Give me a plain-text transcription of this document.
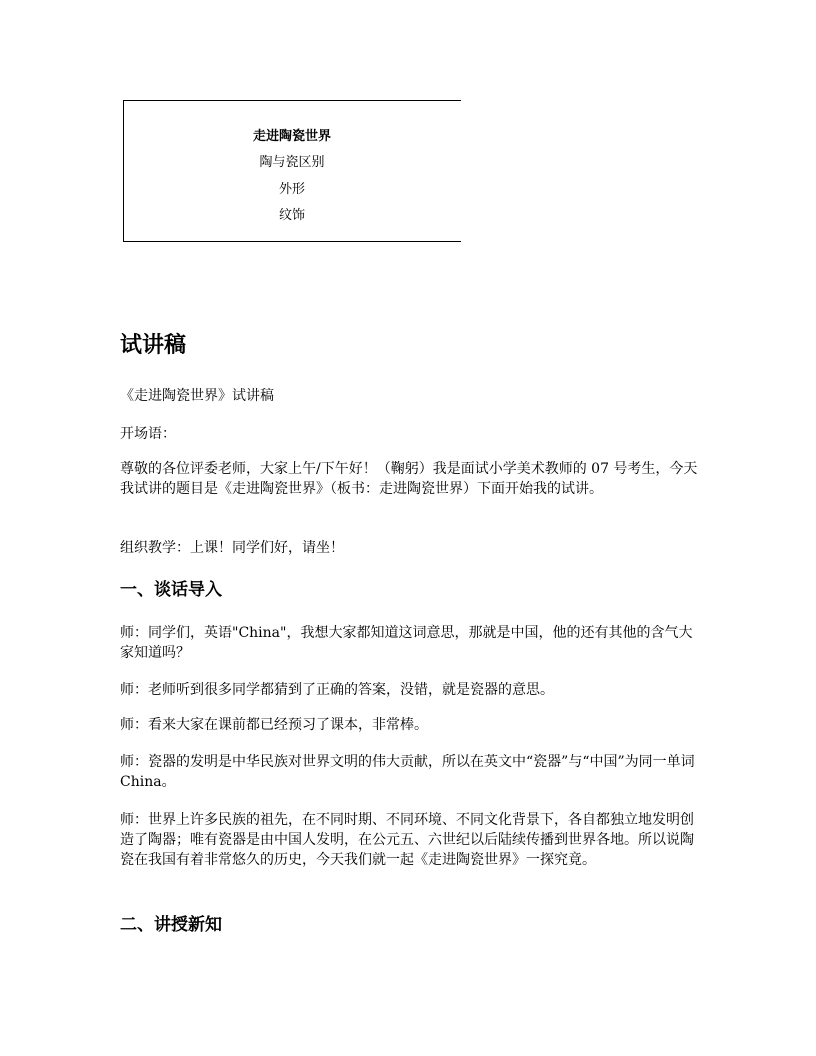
走进陶瓷世界
陶与瓷区别
外形
纹饰
试讲稿

《走进陶瓷世界》试讲稿

开场语：

尊敬的各位评委老师，大家上午/下午好！（鞠躬）我是面试小学美术教师的 07 号考生，今天我试讲的题目是《走进陶瓷世界》（板书：走进陶瓷世界）下面开始我的试讲。

组织教学：上课！同学们好，请坐！

一、谈话导入

师：同学们，英语"China"，我想大家都知道这词意思，那就是中国，他的还有其他的含气大家知道吗？

师：老师听到很多同学都猜到了正确的答案，没错，就是瓷器的意思。

师：看来大家在课前都已经预习了课本，非常棒。

师：瓷器的发明是中华民族对世界文明的伟大贡献，所以在英文中“瓷器”与“中国”为同一单词 China。

师：世界上许多民族的祖先，在不同时期、不同环境、不同文化背景下，各自都独立地发明创造了陶器；唯有瓷器是由中国人发明，在公元五、六世纪以后陆续传播到世界各地。所以说陶瓷在我国有着非常悠久的历史，今天我们就一起《走进陶瓷世界》一探究竟。

二、讲授新知
